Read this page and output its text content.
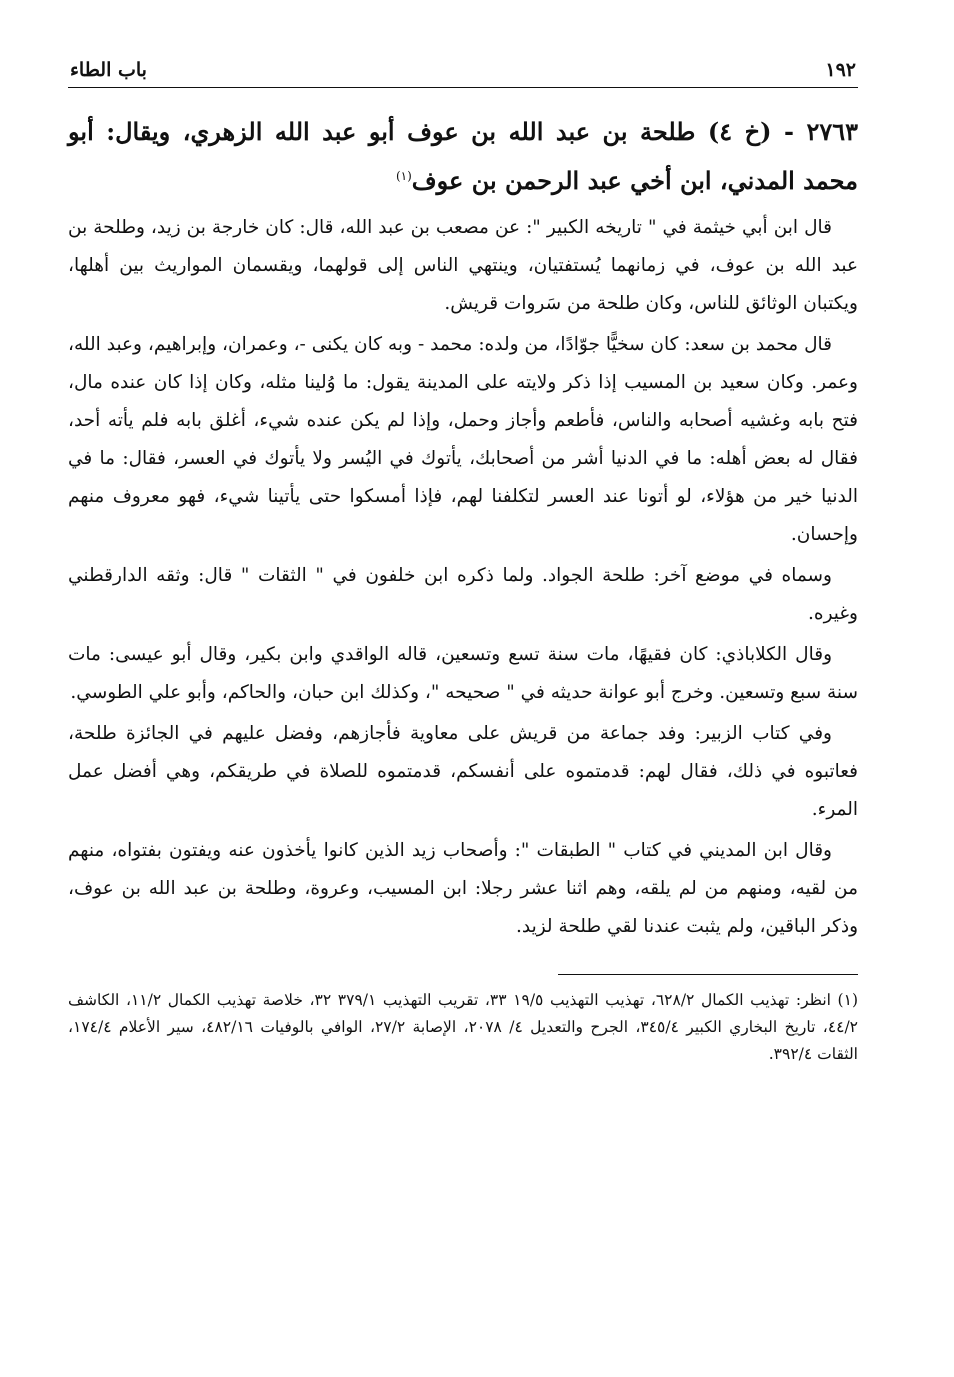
١٩٢
باب الطاء
٢٧٦٣ - (خ ٤) طلحة بن عبد الله بن عوف أبو عبد الله الزهري، ويقال: أبو محمد المدني، ابن أخي عبد الرحمن بن عوف$^{(١)}$

قال ابن أبي خيثمة في " تاريخه الكبير ": عن مصعب بن عبد الله، قال: كان خارجة بن زيد، وطلحة بن عبد الله بن عوف، في زمانهما يُستفتيان، وينتهي الناس إلى قولهما، ويقسمان المواريث بين أهلها، ويكتبان الوثائق للناس، وكان طلحة من سَروات قريش.

قال محمد بن سعد: كان سخيًّا جوّادًا، من ولده: محمد - وبه كان يكنى -، وعمران، وإبراهيم، وعبد الله، وعمر. وكان سعيد بن المسيب إذا ذكر ولايته على المدينة يقول: ما وُلينا مثله، وكان إذا كان عنده مال، فتح بابه وغشيه أصحابه والناس، فأطعم وأجاز وحمل، وإذا لم يكن عنده شيء، أغلق بابه فلم يأته أحد، فقال له بعض أهله: ما في الدنيا أشر من أصحابك، يأتوك في اليُسر ولا يأتوك في العسر، فقال: ما في الدنيا خير من هؤلاء، لو أتونا عند العسر لتكلفنا لهم، فإذا أمسكوا حتى يأتينا شيء، فهو معروف منهم وإحسان.

وسماه في موضع آخر: طلحة الجواد. ولما ذكره ابن خلفون في " الثقات " قال: وثقه الدارقطني وغيره.

وقال الكلاباذي: كان فقيهًا، مات سنة تسع وتسعين، قاله الواقدي وابن بكير، وقال أبو عيسى: مات سنة سبع وتسعين. وخرج أبو عوانة حديثه في " صحيحه "، وكذلك ابن حبان، والحاكم، وأبو علي الطوسي.

وفي كتاب الزبير: وفد جماعة من قريش على معاوية فأجازهم، وفضل عليهم في الجائزة طلحة، فعاتبوه في ذلك، فقال لهم: قدمتموه على أنفسكم، قدمتموه للصلاة في طريقكم، وهي أفضل عمل المرء.

وقال ابن المديني في كتاب " الطبقات ": وأصحاب زيد الذين كانوا يأخذون عنه ويفتون بفتواه، منهم من لقيه، ومنهم من لم يلقه، وهم اثنا عشر رجلا: ابن المسيب، وعروة، وطلحة بن عبد الله بن عوف، وذكر الباقين، ولم يثبت عندنا لقي طلحة لزيد.

(١) انظر: تهذيب الكمال ٦٢٨/٢، تهذيب التهذيب ١٩/٥ ٣٣، تقريب التهذيب ٣٧٩/١ ٣٢، خلاصة تهذيب الكمال ١١/٢، الكاشف ٤٤/٢، تاريخ البخاري الكبير ٣٤٥/٤، الجرح والتعديل ٤/ ٢٠٧٨، الإصابة ٢٧/٢، الوافي بالوفيات ٤٨٢/١٦، سير الأعلام ١٧٤/٤، الثقات ٣٩٢/٤.
